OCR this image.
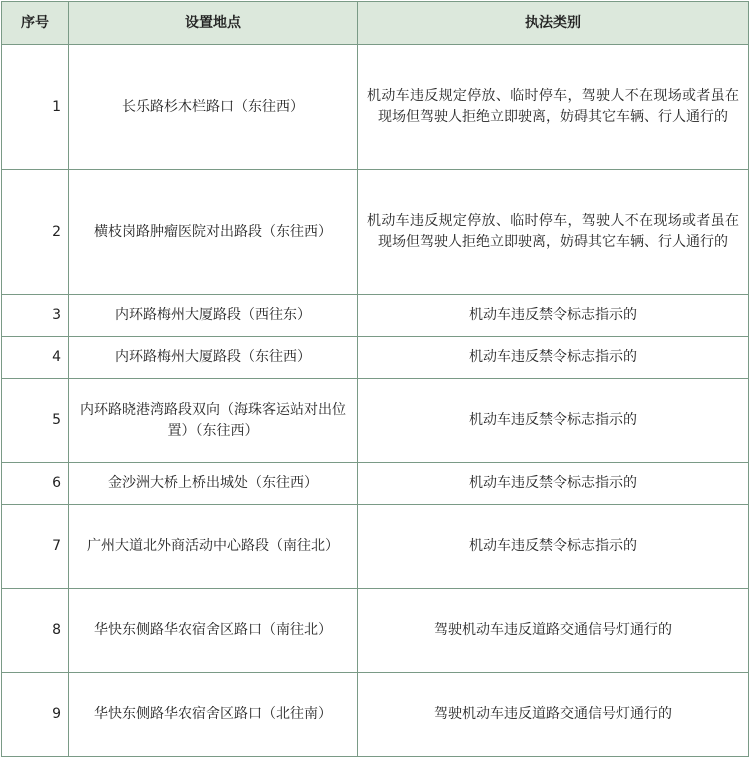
序号	设置地点	执法类别
1	长乐路杉木栏路口（东往西）	机动车违反规定停放、临时停车，驾驶人不在现场或者虽在现场但驾驶人拒绝立即驶离，妨碍其它车辆、行人通行的
2	横枝岗路肿瘤医院对出路段（东往西）	机动车违反规定停放、临时停车，驾驶人不在现场或者虽在现场但驾驶人拒绝立即驶离，妨碍其它车辆、行人通行的
3	内环路梅州大厦路段（西往东）	机动车违反禁令标志指示的
4	内环路梅州大厦路段（东往西）	机动车违反禁令标志指示的
5	内环路晓港湾路段双向（海珠客运站对出位置）（东往西）	机动车违反禁令标志指示的
6	金沙洲大桥上桥出城处（东往西）	机动车违反禁令标志指示的
7	广州大道北外商活动中心路段（南往北）	机动车违反禁令标志指示的
8	华快东侧路华农宿舍区路口（南往北）	驾驶机动车违反道路交通信号灯通行的
9	华快东侧路华农宿舍区路口（北往南）	驾驶机动车违反道路交通信号灯通行的
